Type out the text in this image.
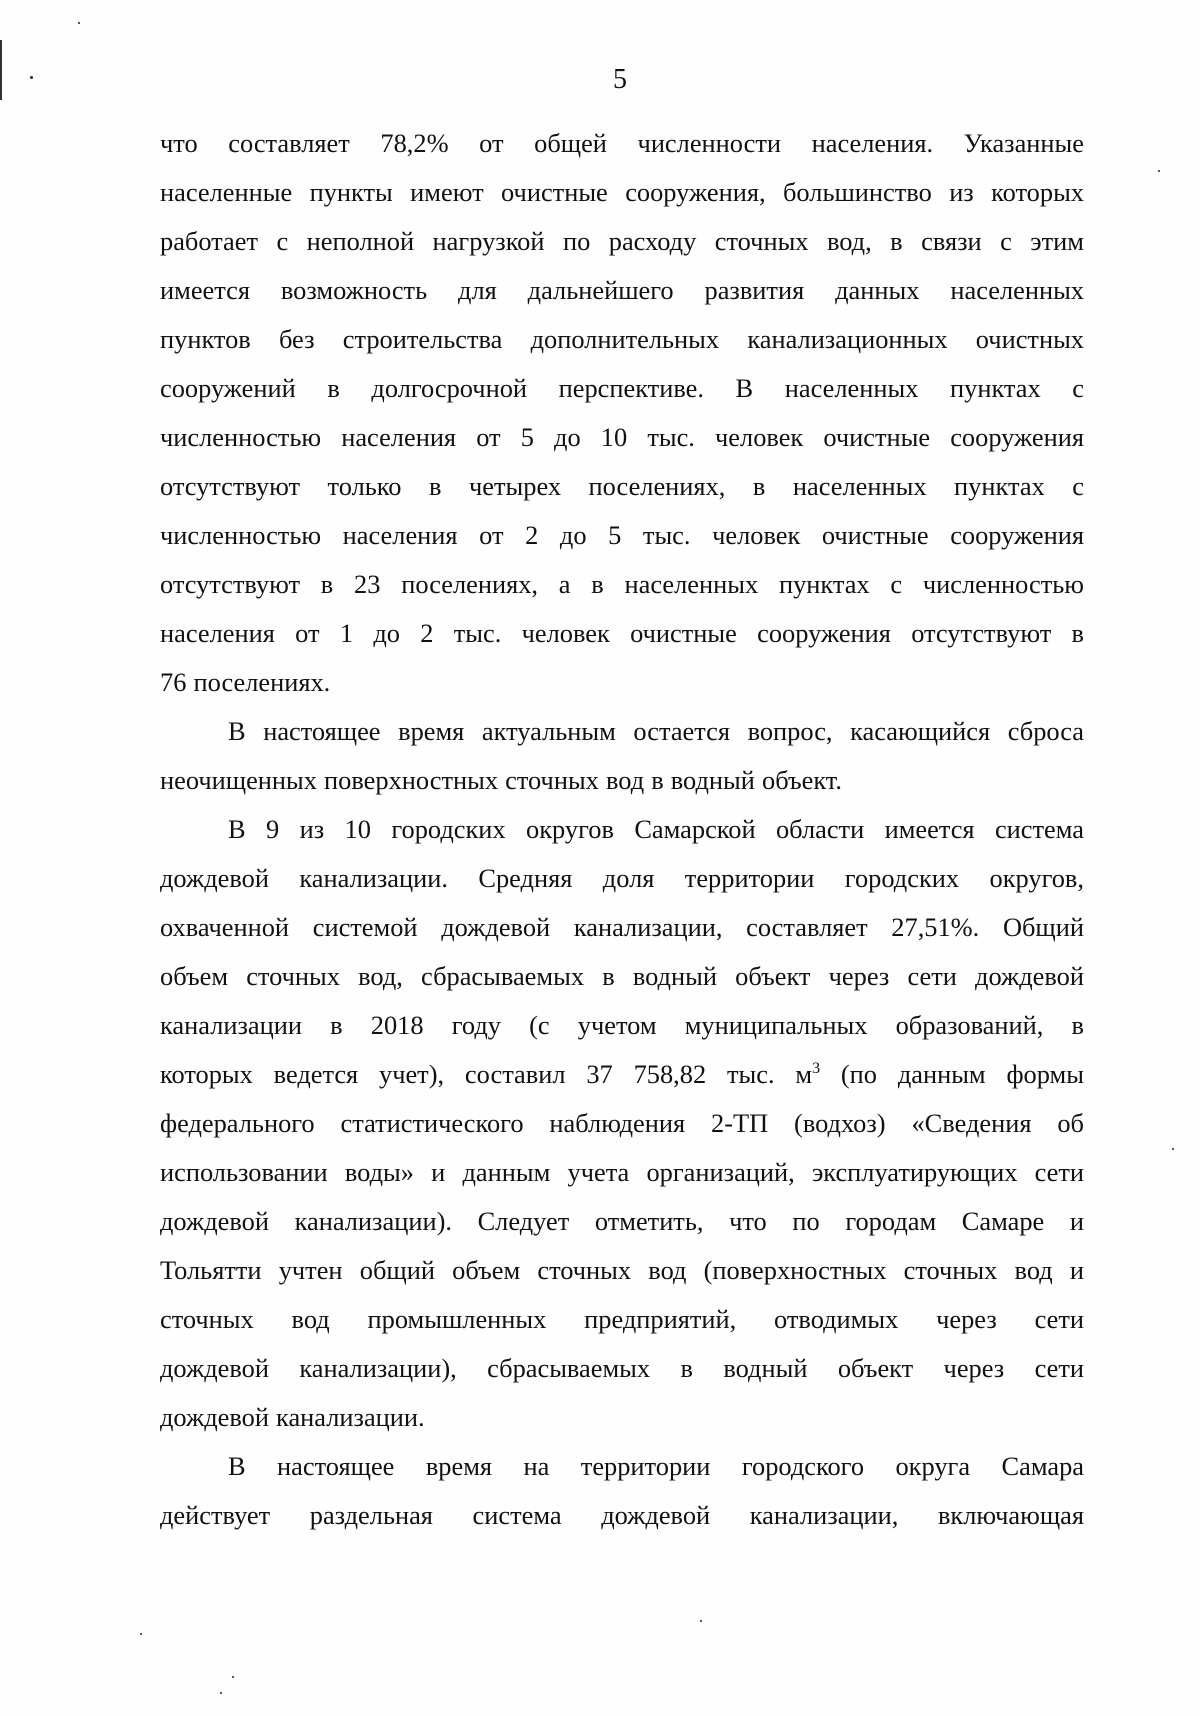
5

что составляет 78,2% от общей численности населения. Указанные
населенные пункты имеют очистные сооружения, большинство из которых
работает с неполной нагрузкой по расходу сточных вод, в связи с этим
имеется возможность для дальнейшего развития данных населенных
пунктов без строительства дополнительных канализационных очистных
сооружений в долгосрочной перспективе. В населенных пунктах с
численностью населения от 5 до 10 тыс. человек очистные сооружения
отсутствуют только в четырех поселениях, в населенных пунктах с
численностью населения от 2 до 5 тыс. человек очистные сооружения
отсутствуют в 23 поселениях, а в населенных пунктах с численностью
населения от 1 до 2 тыс. человек очистные сооружения отсутствуют в
76 поселениях.

В настоящее время актуальным остается вопрос, касающийся сброса
неочищенных поверхностных сточных вод в водный объект.

В 9 из 10 городских округов Самарской области имеется система
дождевой канализации. Средняя доля территории городских округов,
охваченной системой дождевой канализации, составляет 27,51%. Общий
объем сточных вод, сбрасываемых в водный объект через сети дождевой
канализации в 2018 году (с учетом муниципальных образований, в
которых ведется учет), составил 37 758,82 тыс. $м^3$ (по данным формы
федерального статистического наблюдения 2-ТП (водхоз) «Сведения об
использовании воды» и данным учета организаций, эксплуатирующих сети
дождевой канализации). Следует отметить, что по городам Самаре и
Тольятти учтен общий объем сточных вод (поверхностных сточных вод и
сточных вод промышленных предприятий, отводимых через сети
дождевой канализации), сбрасываемых в водный объект через сети
дождевой канализации.

В настоящее время на территории городского округа Самара
действует раздельная система дождевой канализации, включающая
